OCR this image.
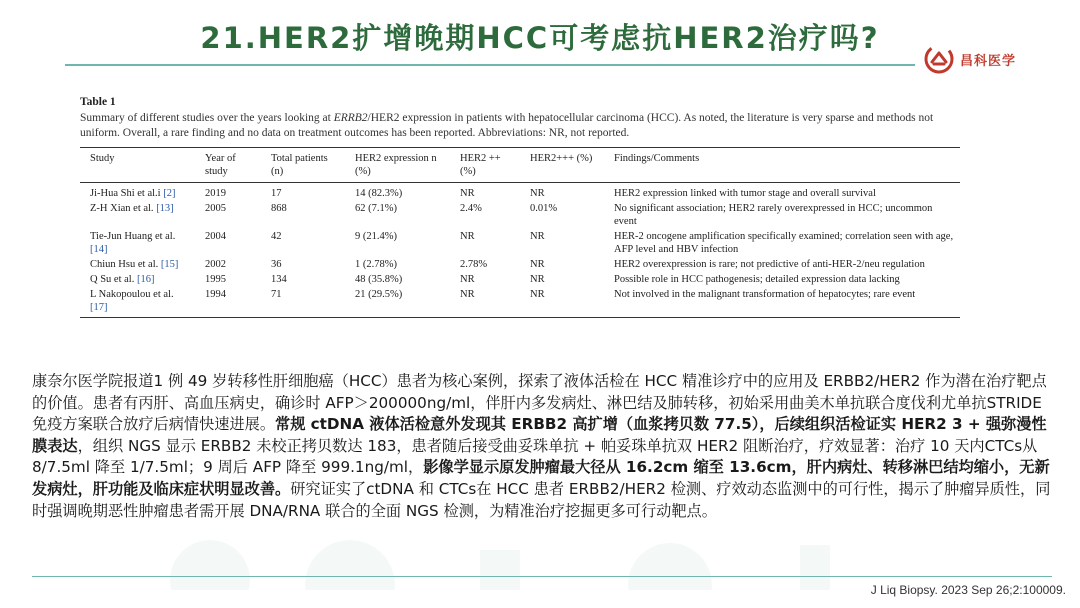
21.HER2扩增晚期HCC可考虑抗HER2治疗吗?
昌科医学
Table 1
Summary of different studies over the years looking at ERRB2/HER2 expression in patients with hepatocellular carcinoma (HCC). As noted, the literature is very sparse and methods not uniform. Overall, a rare finding and no data on treatment outcomes has been reported. Abbreviations: NR, not reported.
Study	Year of study	Total patients (n)	HER2 expression n (%)	HER2 ++ (%)	HER2+++ (%)	Findings/Comments
Ji-Hua Shi et al.i [2]	2019	17	14 (82.3%)	NR	NR	HER2 expression linked with tumor stage and overall survival
Z-H Xian et al. [13]	2005	868	62 (7.1%)	2.4%	0.01%	No significant association; HER2 rarely overexpressed in HCC; uncommon event
Tie-Jun Huang et al. [14]	2004	42	9 (21.4%)	NR	NR	HER-2 oncogene amplification specifically examined; correlation seen with age, AFP level and HBV infection
Chiun Hsu et al. [15]	2002	36	1 (2.78%)	2.78%	NR	HER2 overexpression is rare; not predictive of anti-HER-2/neu regulation
Q Su et al. [16]	1995	134	48 (35.8%)	NR	NR	Possible role in HCC pathogenesis; detailed expression data lacking
L Nakopoulou et al. [17]	1994	71	21 (29.5%)	NR	NR	Not involved in the malignant transformation of hepatocytes; rare event
康奈尔医学院报道1 例 49 岁转移性肝细胞癌（HCC）患者为核心案例，探索了液体活检在 HCC 精准诊疗中的应用及 ERBB2/HER2 作为潜在治疗靶点的价值。患者有丙肝、高血压病史，确诊时 AFP＞200000ng/ml，伴肝内多发病灶、淋巴结及肺转移，初始采用曲美木单抗联合度伐利尤单抗STRIDE 免疫方案联合放疗后病情快速进展。常规 ctDNA 液体活检意外发现其 ERBB2 高扩增（血浆拷贝数 77.5），后续组织活检证实 HER2 3 + 强弥漫性膜表达，组织 NGS 显示 ERBB2 未校正拷贝数达 183，患者随后接受曲妥珠单抗 + 帕妥珠单抗双 HER2 阻断治疗，疗效显著：治疗 10 天内CTCs从 8/7.5ml 降至 1/7.5ml；9 周后 AFP 降至 999.1ng/ml，影像学显示原发肿瘤最大径从 16.2cm 缩至 13.6cm，肝内病灶、转移淋巴结均缩小，无新发病灶，肝功能及临床症状明显改善。研究证实了ctDNA 和 CTCs在 HCC 患者 ERBB2/HER2 检测、疗效动态监测中的可行性，揭示了肿瘤异质性，同时强调晚期恶性肿瘤患者需开展 DNA/RNA 联合的全面 NGS 检测，为精准治疗挖掘更多可行动靶点。
J Liq Biopsy. 2023 Sep 26;2:100009.
